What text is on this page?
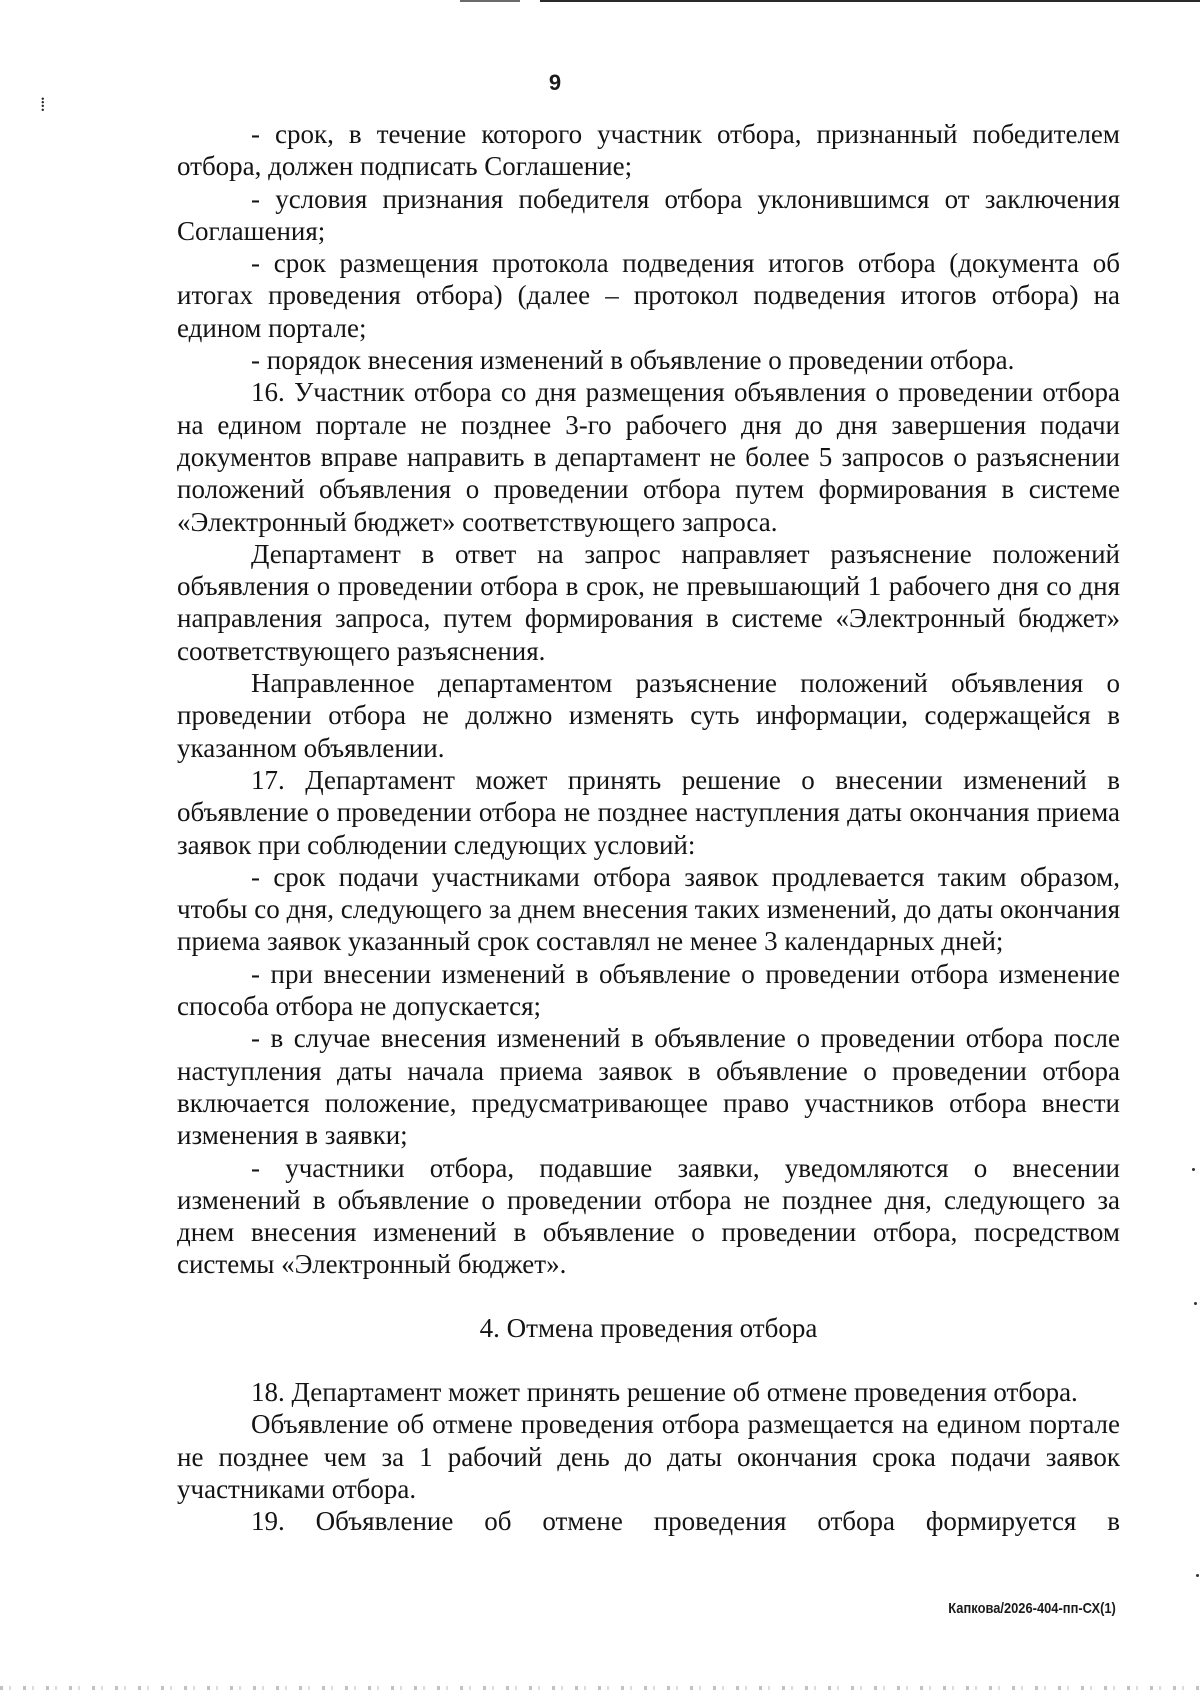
⁞
9

- срок, в течение которого участник отбора, признанный победителем отбора, должен подписать Соглашение;

- условия признания победителя отбора уклонившимся от заключения Соглашения;

- срок размещения протокола подведения итогов отбора (документа об итогах проведения отбора) (далее – протокол подведения итогов отбора) на едином портале;

- порядок внесения изменений в объявление о проведении отбора.

16. Участник отбора со дня размещения объявления о проведении отбора на едином портале не позднее 3-го рабочего дня до дня завершения подачи документов вправе направить в департамент не более 5 запросов о разъяснении положений объявления о проведении отбора путем формирования в системе «Электронный бюджет» соответствующего запроса.

Департамент в ответ на запрос направляет разъяснение положений объявления о проведении отбора в срок, не превышающий 1 рабочего дня со дня направления запроса, путем формирования в системе «Электронный бюджет» соответствующего разъяснения.

Направленное департаментом разъяснение положений объявления о проведении отбора не должно изменять суть информации, содержащейся в указанном объявлении.

17. Департамент может принять решение о внесении изменений в объявление о проведении отбора не позднее наступления даты окончания приема заявок при соблюдении следующих условий:

- срок подачи участниками отбора заявок продлевается таким образом, чтобы со дня, следующего за днем внесения таких изменений, до даты окончания приема заявок указанный срок составлял не менее 3 календарных дней;

- при внесении изменений в объявление о проведении отбора изменение способа отбора не допускается;

- в случае внесения изменений в объявление о проведении отбора после наступления даты начала приема заявок в объявление о проведении отбора включается положение, предусматривающее право участников отбора внести изменения в заявки;

- участники отбора, подавшие заявки, уведомляются о внесении изменений в объявление о проведении отбора не позднее дня, следующего за днем внесения изменений в объявление о проведении отбора, посредством системы «Электронный бюджет».

4. Отмена проведения отбора

18. Департамент может принять решение об отмене проведения отбора.

Объявление об отмене проведения отбора размещается на едином портале не позднее чем за 1 рабочий день до даты окончания срока подачи заявок участниками отбора.

19. Объявление об отмене проведения отбора формируется в

Капкова/2026-404-пп-СХ(1)
